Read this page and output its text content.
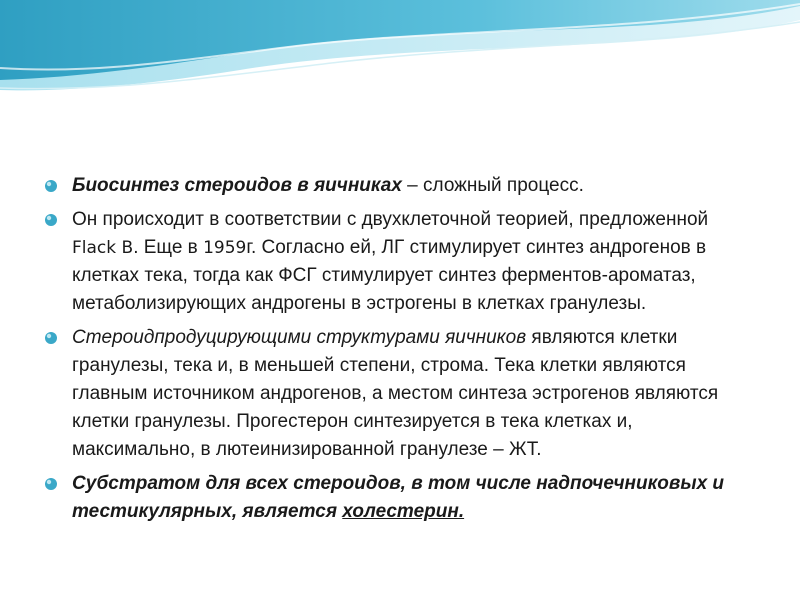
Биосинтез стероидов в яичниках – сложный процесс.
Он происходит в соответствии с двухклеточной теорией, предложенной Flack B. Еще в 1959г. Согласно ей, ЛГ стимулирует синтез андрогенов в клетках тека, тогда как ФСГ стимулирует синтез ферментов-ароматаз, метаболизирующих андрогены в эстрогены в клетках гранулезы.
Стероидпродуцирующими структурами яичников являются клетки гранулезы, тека и, в меньшей степени, строма. Тека клетки являются главным источником андрогенов, а местом синтеза эстрогенов являются клетки гранулезы. Прогестерон синтезируется в тека клетках и, максимально, в лютеинизированной гранулезе – ЖТ.
Субстратом для всех стероидов, в том числе надпочечниковых и тестикулярных, является холестерин.
